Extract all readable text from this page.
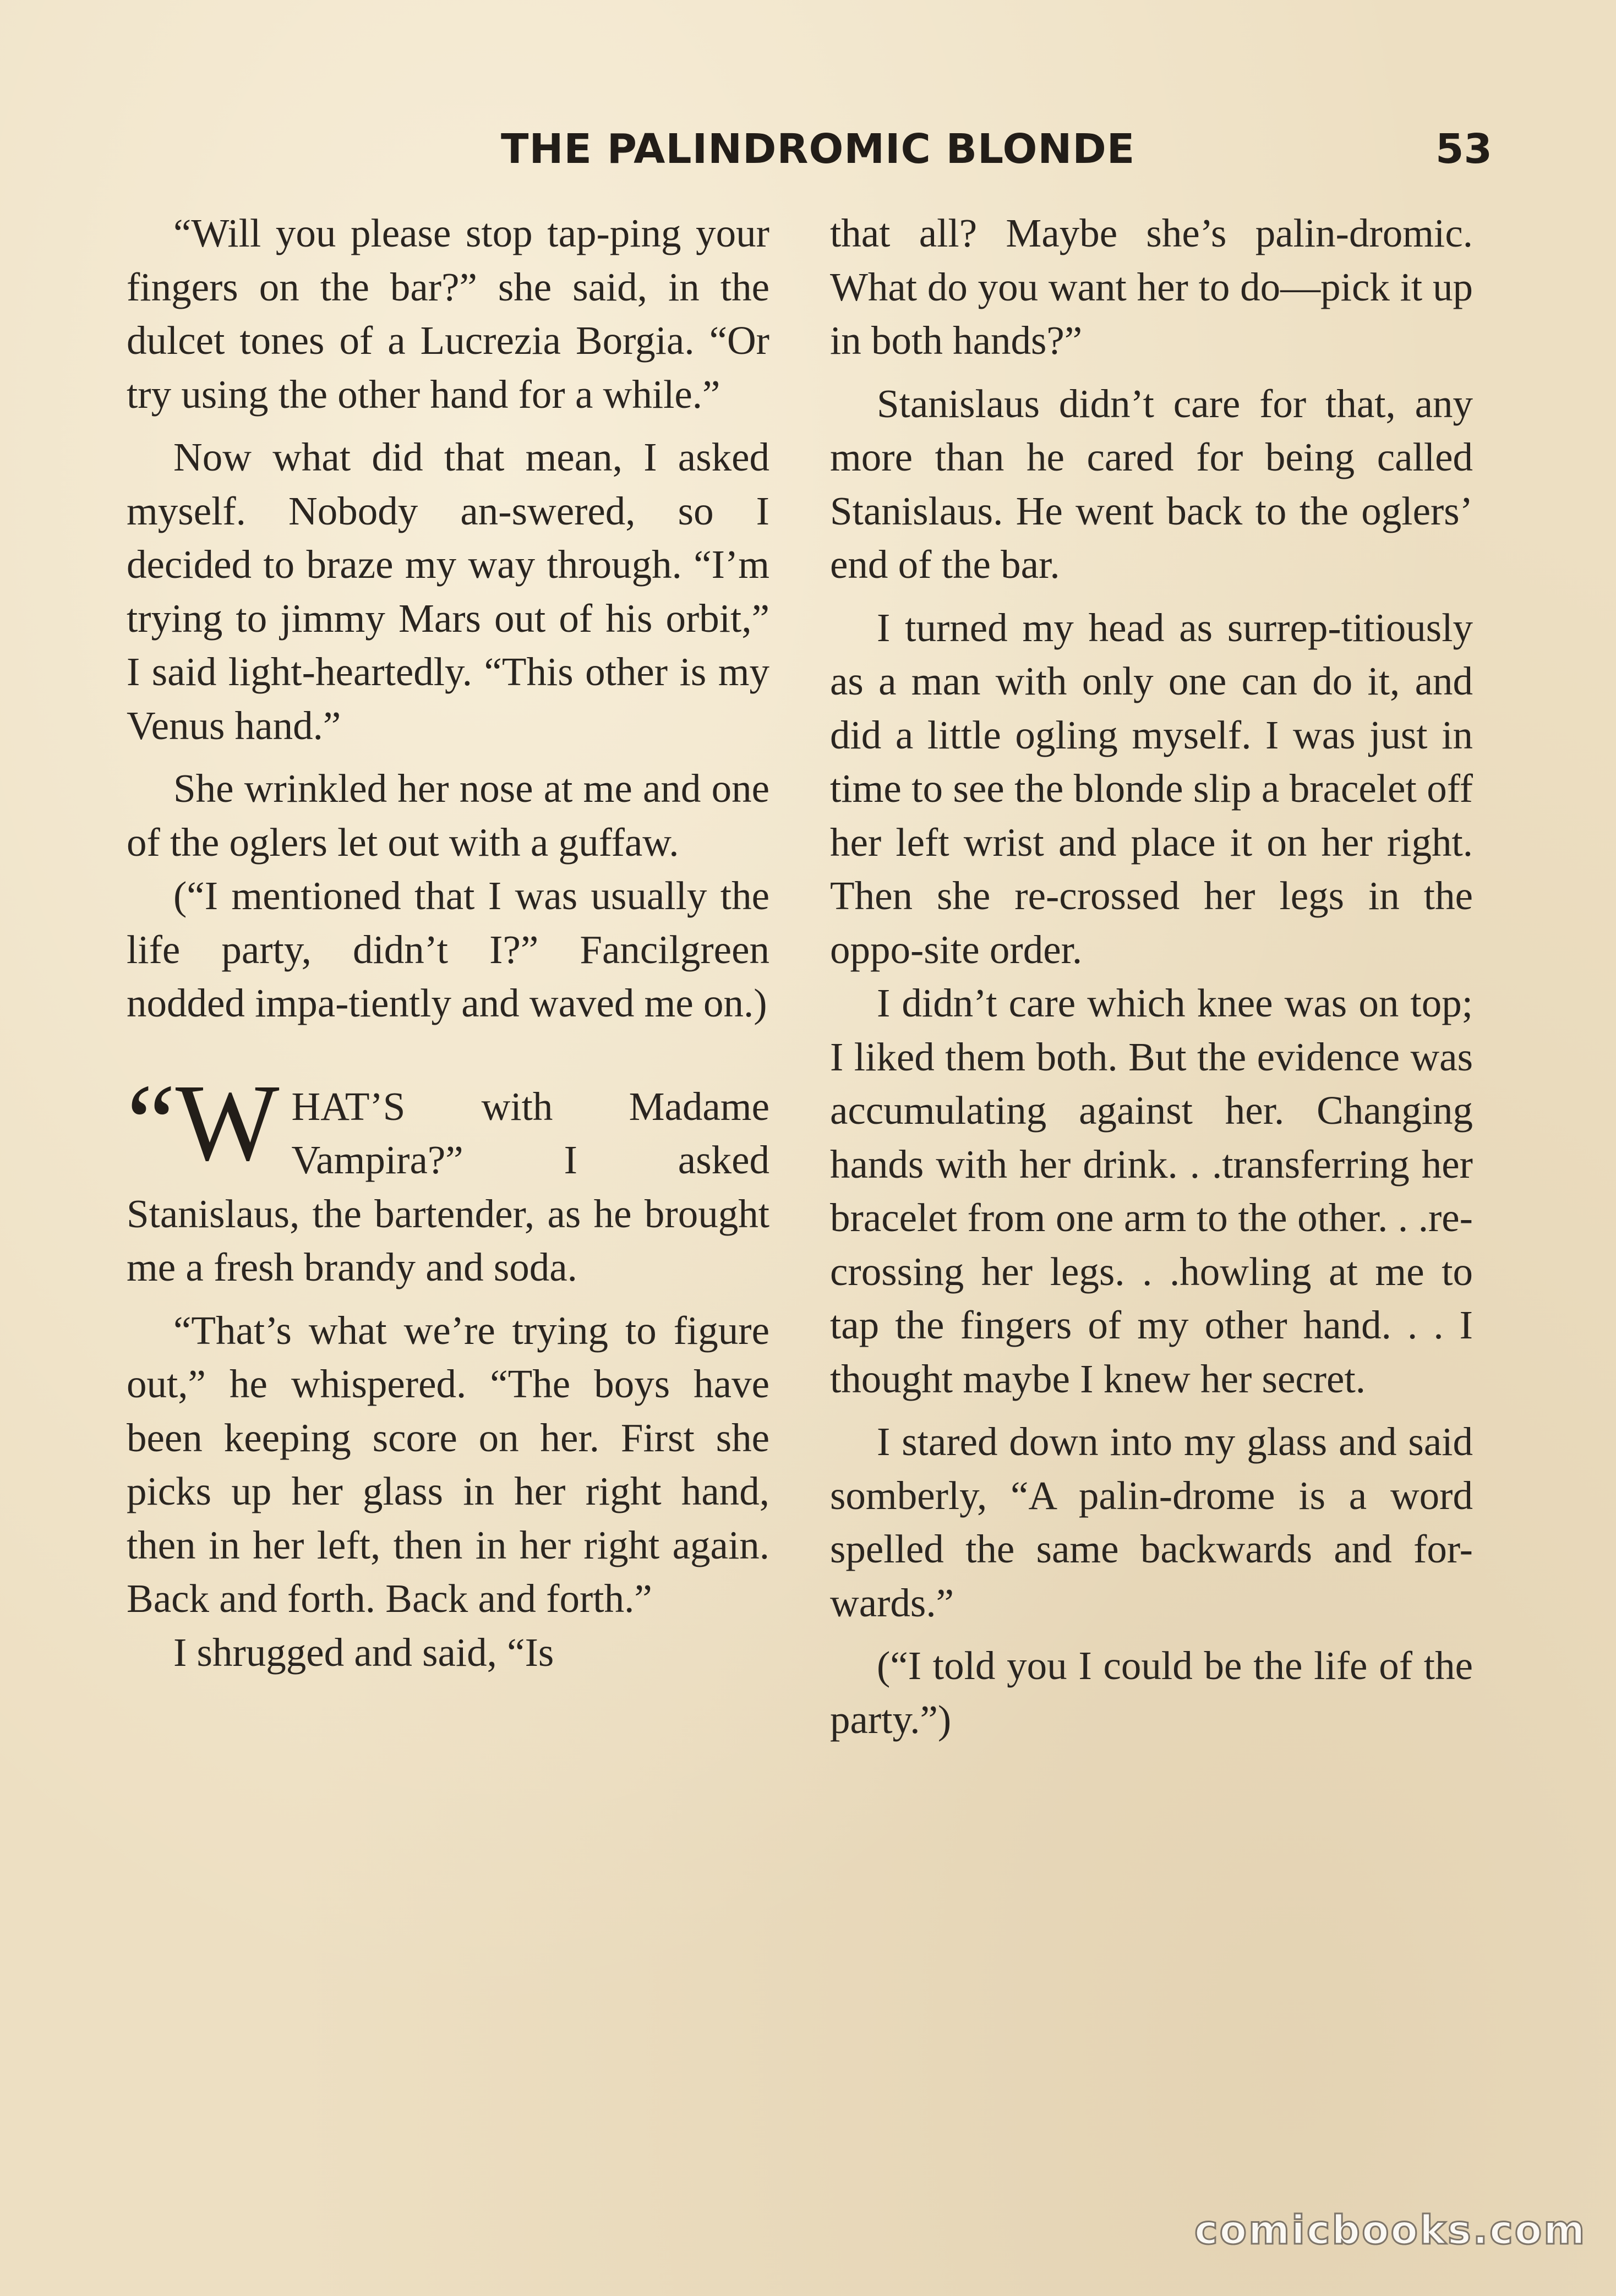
THE PALINDROMIC BLONDE	53

“Will you please stop tap-ping your fingers on the bar?” she said, in the dulcet tones of a Lucrezia Borgia. “Or try using the other hand for a while.”

Now what did that mean, I asked myself. Nobody an-swered, so I decided to braze my way through. “I’m trying to jimmy Mars out of his orbit,” I said light-heartedly. “This other is my Venus hand.”

She wrinkled her nose at me and one of the oglers let out with a guffaw.

(“I mentioned that I was usually the life party, didn’t I?” Fancilgreen nodded impa-tiently and waved me on.)

“WHAT’S with Madame Vampira?” I asked Stanislaus, the bartender, as he brought me a fresh brandy and soda.

“That’s what we’re trying to figure out,” he whispered. “The boys have been keeping score on her. First she picks up her glass in her right hand, then in her left, then in her right again. Back and forth. Back and forth.”

I shrugged and said, “Is

that all? Maybe she’s palin-dromic. What do you want her to do—pick it up in both hands?”

Stanislaus didn’t care for that, any more than he cared for being called Stanislaus. He went back to the oglers’ end of the bar.

I turned my head as surrep-titiously as a man with only one can do it, and did a little ogling myself. I was just in time to see the blonde slip a bracelet off her left wrist and place it on her right. Then she re-crossed her legs in the oppo-site order.

I didn’t care which knee was on top; I liked them both. But the evidence was accumulating against her. Changing hands with her drink. . .transferring her bracelet from one arm to the other. . .re-crossing her legs. . .howling at me to tap the fingers of my other hand. . . I thought maybe I knew her secret.

I stared down into my glass and said somberly, “A palin-drome is a word spelled the same backwards and for-wards.”

(“I told you I could be the life of the party.”)

comicbooks.com
